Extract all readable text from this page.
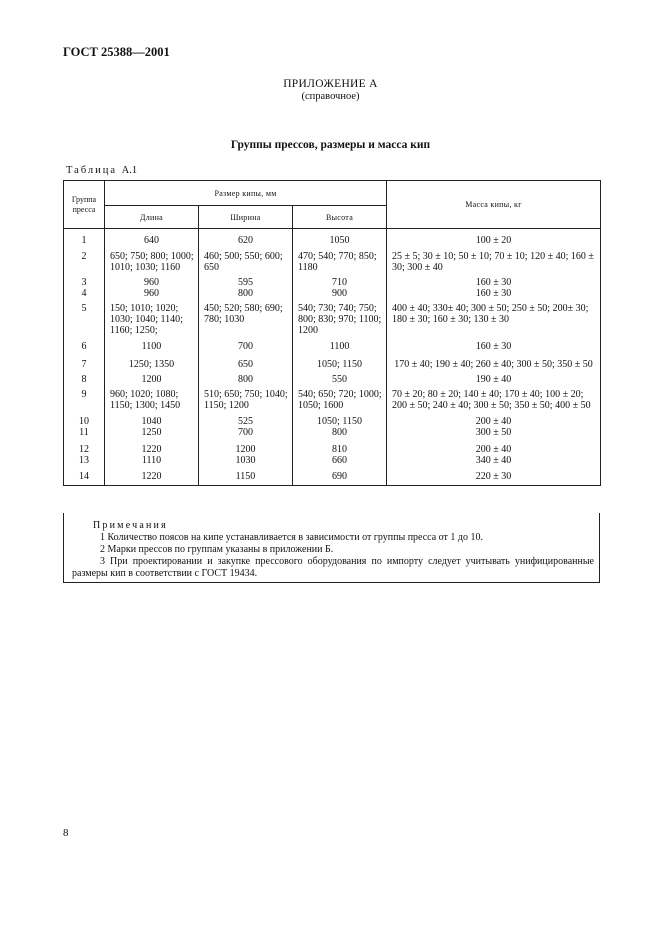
ГОСТ 25388—2001
ПРИЛОЖЕНИЕ А
(справочное)
Группы прессов, размеры и масса кип
Таблица А.1
Группа пресса	Размер кипы, мм			Масса кипы, кг
	Длина	Ширина	Высота	
1	640	620	1050	100 ± 20
2	650; 750; 800; 1000; 1010; 1030; 1160	460; 500; 550; 600; 650	470; 540; 770; 850; 1180	25 ± 5; 30 ± 10; 50 ± 10; 70 ± 10; 120 ± 40; 160 ± 30; 300 ± 40
3	960	595	710	160 ± 30
4	960	800	900	160 ± 30
5	150; 1010; 1020; 1030; 1040; 1140; 1160; 1250;	450; 520; 580; 690; 780; 1030	540; 730; 740; 750; 800; 830; 970; 1100; 1200	400 ± 40; 330± 40; 300 ± 50; 250 ± 50; 200± 30; 180 ± 30; 160 ± 30; 130 ± 30
6	1100	700	1100	160 ± 30
7	1250; 1350	650	1050; 1150	170 ± 40; 190 ± 40; 260 ± 40; 300 ± 50; 350 ± 50
8	1200	800	550	190 ± 40
9	960; 1020; 1080; 1150; 1300; 1450	510; 650; 750; 1040; 1150; 1200	540; 650; 720; 1000; 1050; 1600	70 ± 20; 80 ± 20; 140 ± 40; 170 ± 40; 100 ± 20; 200 ± 50; 240 ± 40; 300 ± 50; 350 ± 50; 400 ± 50
10	1040	525	1050; 1150	200 ± 40
11	1250	700	800	300 ± 50
12	1220	1200	810	200 ± 40
13	1110	1030	660	340 ± 40
14	1220	1150	690	220 ± 30
Примечания
1 Количество поясов на кипе устанавливается в зависимости от группы пресса от 1 до 10.
2 Марки прессов по группам указаны в приложении Б.
3 При проектировании и закупке прессового оборудования по импорту следует учитывать унифицированные размеры кип в соответствии с ГОСТ 19434.
8
